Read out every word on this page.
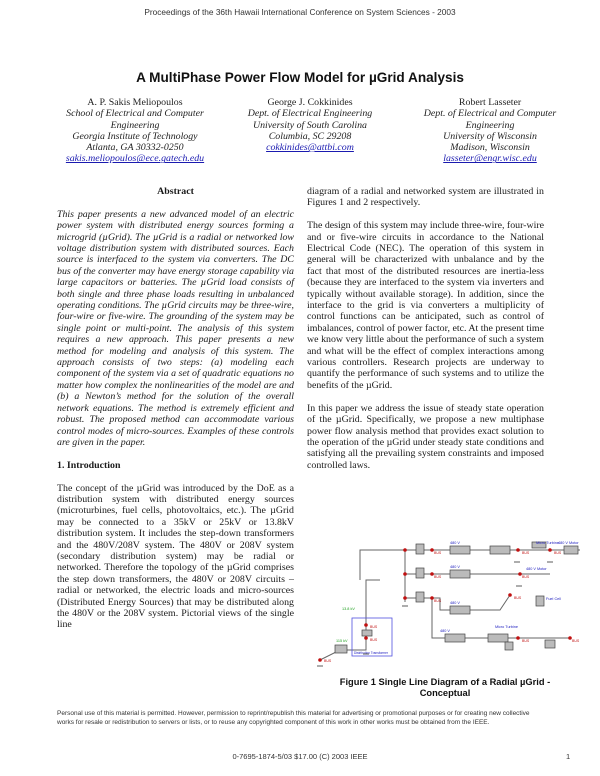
Proceedings of the 36th Hawaii International Conference on System Sciences - 2003
A MultiPhase Power Flow Model for µGrid Analysis
A. P. Sakis Meliopoulos
School of Electrical and Computer
Engineering
Georgia Institute of Technology
Atlanta, GA 30332-0250
sakis.meliopoulos@ece.gatech.edu
George J. Cokkinides
Dept. of Electrical Engineering
University of South Carolina
Columbia, SC 29208
cokkinides@attbi.com
Robert Lasseter
Dept. of Electrical and Computer
Engineering
University of Wisconsin
Madison, Wisconsin
lasseter@engr.wisc.edu

Abstract

This paper presents a new advanced model of an electric power system with distributed energy sources forming a microgrid (µGrid). The µGrid is a radial or networked low voltage distribution system with distributed sources. Each source is interfaced to the system via converters. The DC bus of the converter may have energy storage capability via large capacitors or batteries. The µGrid load consists of both single and three phase loads resulting in unbalanced operating conditions. The µGrid circuits may be three-wire, four-wire or five-wire. The grounding of the system may be single point or multi-point. The analysis of this system requires a new approach. This paper presents a new method for modeling and analysis of this system. The approach consists of two steps: (a) modeling each component of the system via a set of quadratic equations no matter how complex the nonlinearities of the model are and (b) a Newton’s method for the solution of the overall network equations. The method is extremely efficient and robust. The proposed method can accommodate various control modes of micro-sources. Examples of these controls are given in the paper.

1. Introduction

The concept of the µGrid was introduced by the DoE as a distribution system with distributed energy sources (microturbines, fuel cells, photovoltaics, etc.). The µGrid may be connected to a 35kV or 25kV or 13.8kV distribution system. It includes the step-down transformers and the 480V/208V system. The 480V or 208V system (secondary distribution system) may be radial or networked. Therefore the topology of the µGrid comprises the step down transformers, the 480V or 208V circuits – radial or networked, the electric loads and micro-sources (Distributed Energy Sources) that may be distributed along the 480V or the 208V system. Pictorial views of the single line

diagram of a radial and networked system are illustrated in Figures 1 and 2 respectively.

The design of this system may include three-wire, four-wire and or five-wire circuits in accordance to the National Electrical Code (NEC). The operation of this system in general will be characterized with unbalance and by the fact that most of the distributed resources are inertia-less (because they are interfaced to the system via inverters and typically without available storage). In addition, since the interface to the grid is via converters a multiplicity of control functions can be anticipated, such as control of imbalances, control of power factor, etc. At the present time we know very little about the performance of such a system and what will be the effect of complex interactions among various controllers. Research projects are underway to quantify the performance of such systems and to utilize the benefits of the µGrid.

In this paper we address the issue of steady state operation of the µGrid. Specifically, we propose a new multiphase power flow analysis method that provides exact solution to the operation of the µGrid under steady state conditions and satisfying all the prevailing system constraints and imposed controlled laws.

BUS
BUS
BUS
BUS
BUS
BUS
BUS
BUS	BUS
BUS
BUS
BUS
Micro Turbine 480 V Motor
480 V Motor
Fuel Cell
Micro Turbine
480 V
480 V
480 V
480 V
13.8 kV
115 kV
Distribution Transformer
Figure 1 Single Line Diagram of a Radial µGrid -
Conceptual
Personal use of this material is permitted. However, permission to reprint/republish this material for advertising or promotional purposes or for creating new collective works for resale or redistribution to servers or lists, or to reuse any copyrighted component of this work in other works must be obtained from the IEEE.
0-7695-1874-5/03 $17.00 (C) 2003 IEEE	1
